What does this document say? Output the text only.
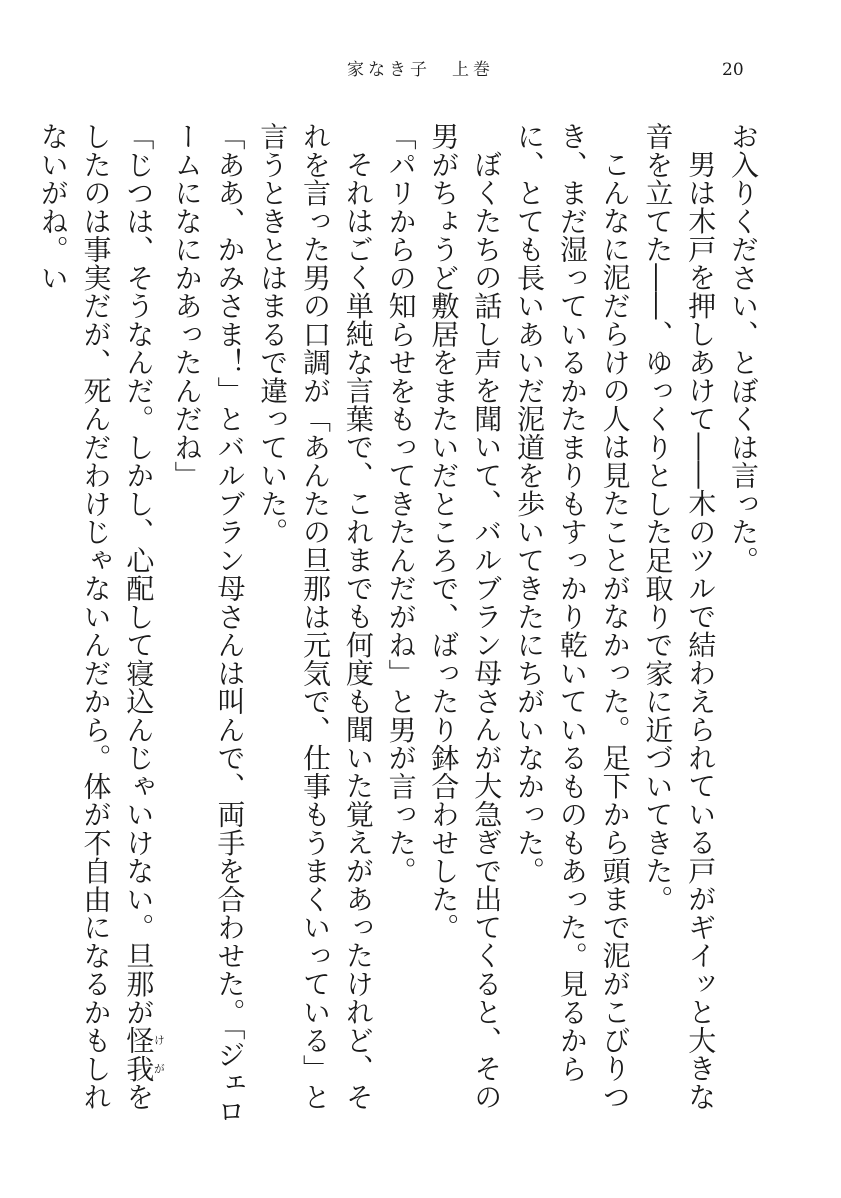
家なき子　上巻	20

お入りください、とぼくは言った。

男は木戸を押しあけて――木のツルで結わえられている戸がギイッと大きな音を立てた――、ゆっくりとした足取りで家に近づいてきた。

こんなに泥だらけの人は見たことがなかった。足下から頭まで泥がこびりつき、まだ湿っているかたまりもすっかり乾いているものもあった。見るからに、とても長いあいだ泥道を歩いてきたにちがいなかった。

ぼくたちの話し声を聞いて、バルブラン母さんが大急ぎで出てくると、その男がちょうど敷居をまたいだところで、ばったり鉢合わせした。

「パリからの知らせをもってきたんだがね」と男が言った。

それはごく単純な言葉で、これまでも何度も聞いた覚えがあったけれど、それを言った男の口調が「あんたの旦那は元気で、仕事もうまくいっている」と言うときとはまるで違っていた。

「ああ、かみさま！」とバルブラン母さんは叫んで、両手を合わせた。「ジェロームになにかあったんだね」

「じつは、そうなんだ。しかし、心配して寝込んじゃいけない。旦那が怪我けがをしたのは事実だが、死んだわけじゃないんだから。体が不自由になるかもしれないがね。い
